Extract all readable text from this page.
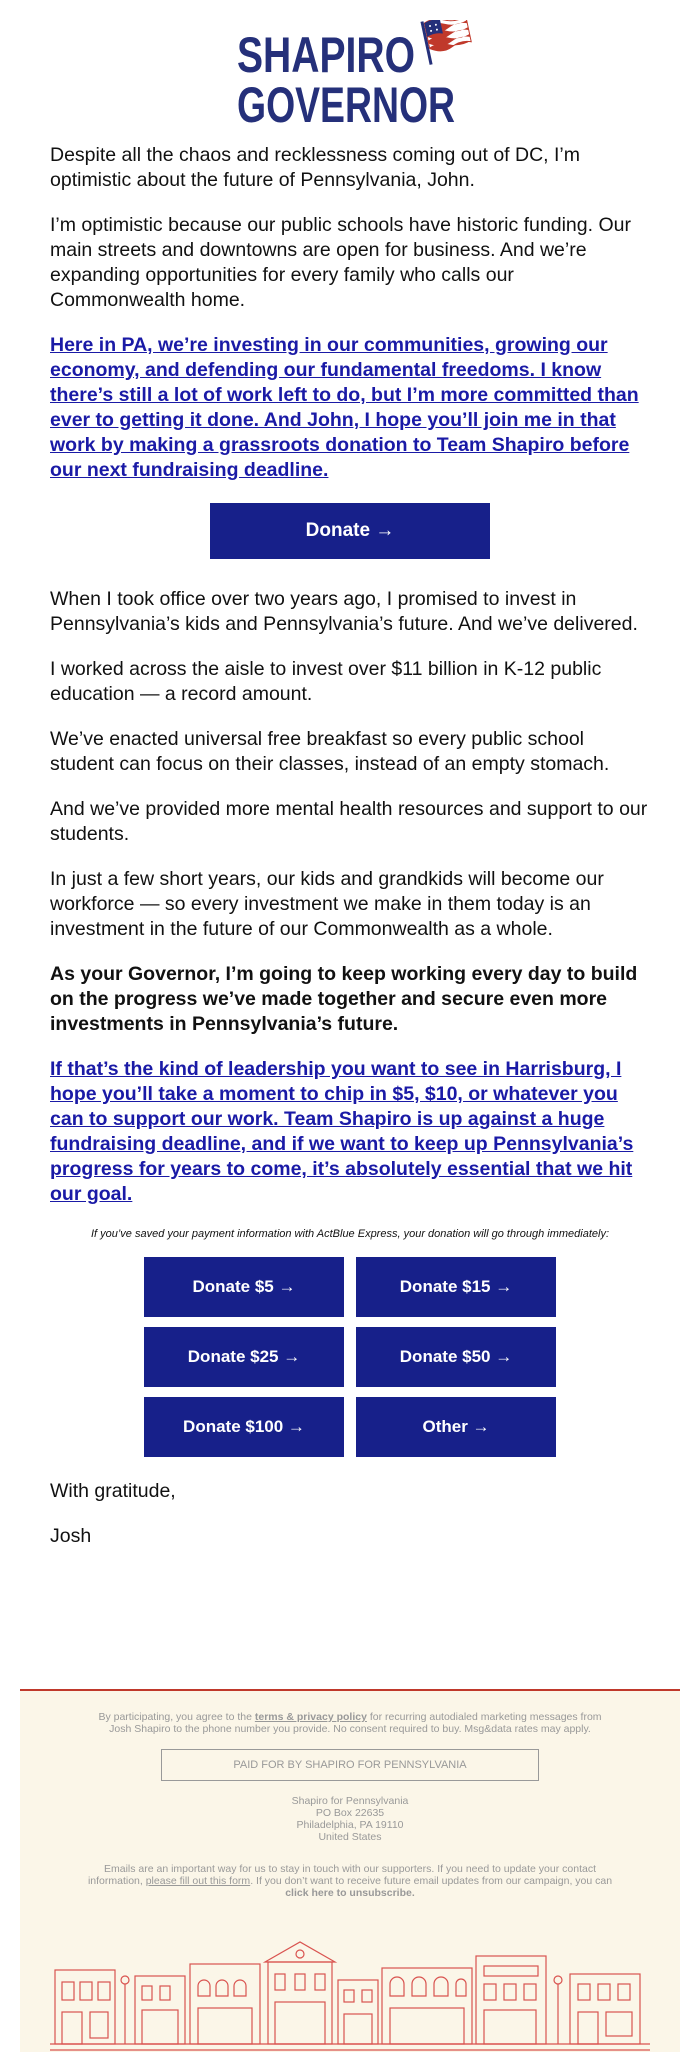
SHAPIRO
GOVERNOR

Despite all the chaos and recklessness coming out of DC, I’m optimistic about the future of Pennsylvania, John.

I’m optimistic because our public schools have historic funding. Our main streets and downtowns are open for business. And we’re expanding opportunities for every family who calls our Commonwealth home.

Here in PA, we’re investing in our communities, growing our economy, and defending our fundamental freedoms. I know there’s still a lot of work left to do, but I’m more committed than ever to getting it done. And John, I hope you’ll join me in that work by making a grassroots donation to Team Shapiro before our next fundraising deadline.

Donate →

When I took office over two years ago, I promised to invest in Pennsylvania’s kids and Pennsylvania’s future. And we’ve delivered.

I worked across the aisle to invest over $11 billion in K-12 public education — a record amount.

We’ve enacted universal free breakfast so every public school student can focus on their classes, instead of an empty stomach.

And we’ve provided more mental health resources and support to our students.

In just a few short years, our kids and grandkids will become our workforce — so every investment we make in them today is an investment in the future of our Commonwealth as a whole.

As your Governor, I’m going to keep working every day to build on the progress we’ve made together and secure even more investments in Pennsylvania’s future.

If that’s the kind of leadership you want to see in Harrisburg, I hope you’ll take a moment to chip in $5, $10, or whatever you can to support our work. Team Shapiro is up against a huge fundraising deadline, and if we want to keep up Pennsylvania’s progress for years to come, it’s absolutely essential that we hit our goal.

If you’ve saved your payment information with ActBlue Express, your donation will go through immediately:
Donate $5 →	Donate $15 →
Donate $25 →	Donate $50 →
Donate $100 →	Other →

With gratitude,

Josh

By participating, you agree to the terms & privacy policy for recurring autodialed marketing messages from Josh Shapiro to the phone number you provide. No consent required to buy. Msg&data rates may apply.
PAID FOR BY SHAPIRO FOR PENNSYLVANIA
Shapiro for Pennsylvania
PO Box 22635
Philadelphia, PA 19110
United States
Emails are an important way for us to stay in touch with our supporters. If you need to update your contact information, please fill out this form. If you don’t want to receive future email updates from our campaign, you can click here to unsubscribe.
